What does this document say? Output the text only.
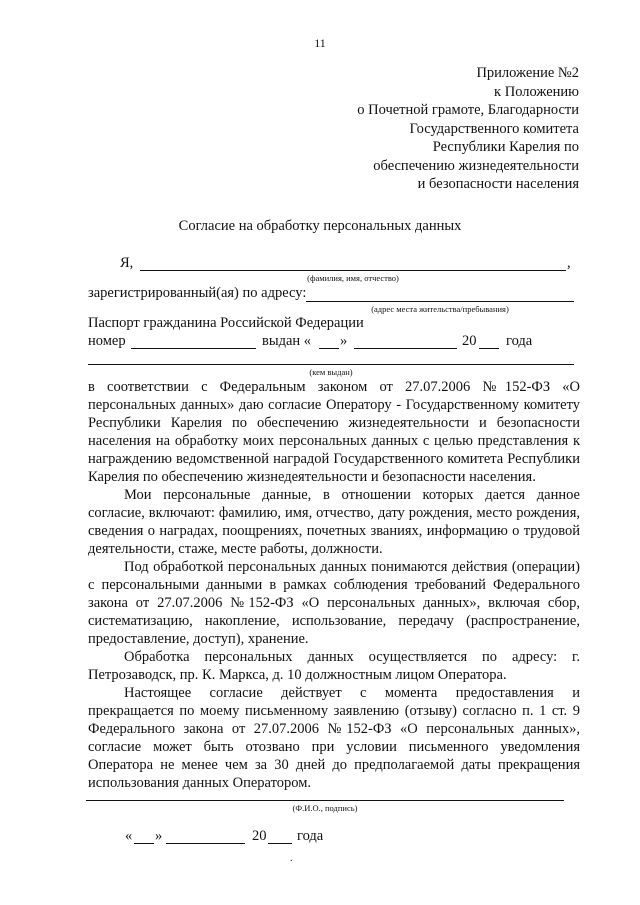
11
Приложение №2
к Положению
о Почетной грамоте, Благодарности
Государственного комитета
Республики Карелия по
обеспечению жизнедеятельности
и безопасности населения
Согласие на обработку персональных данных
Я,	,
(фамилия, имя, отчество)
зарегистрированный(ая) по адресу:
(адрес места жительства/пребывания)
Паспорт гражданина Российской Федерации
номер	выдан « »	20 года
(кем выдан)

в соответствии с Федеральным законом от 27.07.2006 №152-ФЗ «О персональных данных» даю согласие Оператору - Государственному комитету Республики Карелия по обеспечению жизнедеятельности и безопасности населения на обработку моих персональных данных с целью представления к награждению ведомственной наградой Государственного комитета Республики Карелия по обеспечению жизнедеятельности и безопасности населения.

Мои персональные данные, в отношении которых дается данное согласие, включают: фамилию, имя, отчество, дату рождения, место рождения, сведения о наградах, поощрениях, почетных званиях, информацию о трудовой деятельности, стаже, месте работы, должности.

Под обработкой персональных данных понимаются действия (операции) с персональными данными в рамках соблюдения требований Федерального закона от 27.07.2006 №152-ФЗ «О персональных данных», включая сбор, систематизацию, накопление, использование, передачу (распространение, предоставление, доступ), хранение.

Обработка персональных данных осуществляется по адресу: г. Петрозаводск, пр. К. Маркса, д. 10 должностным лицом Оператора.

Настоящее согласие действует с момента предоставления и прекращается по моему письменному заявлению (отзыву) согласно п. 1 ст. 9 Федерального закона от 27.07.2006 №152-ФЗ «О персональных данных», согласие может быть отозвано при условии письменного уведомления Оператора не менее чем за 30 дней до предполагаемой даты прекращения использования данных Оператором.

(Ф.И.О., подпись)
« »	20 года
.
